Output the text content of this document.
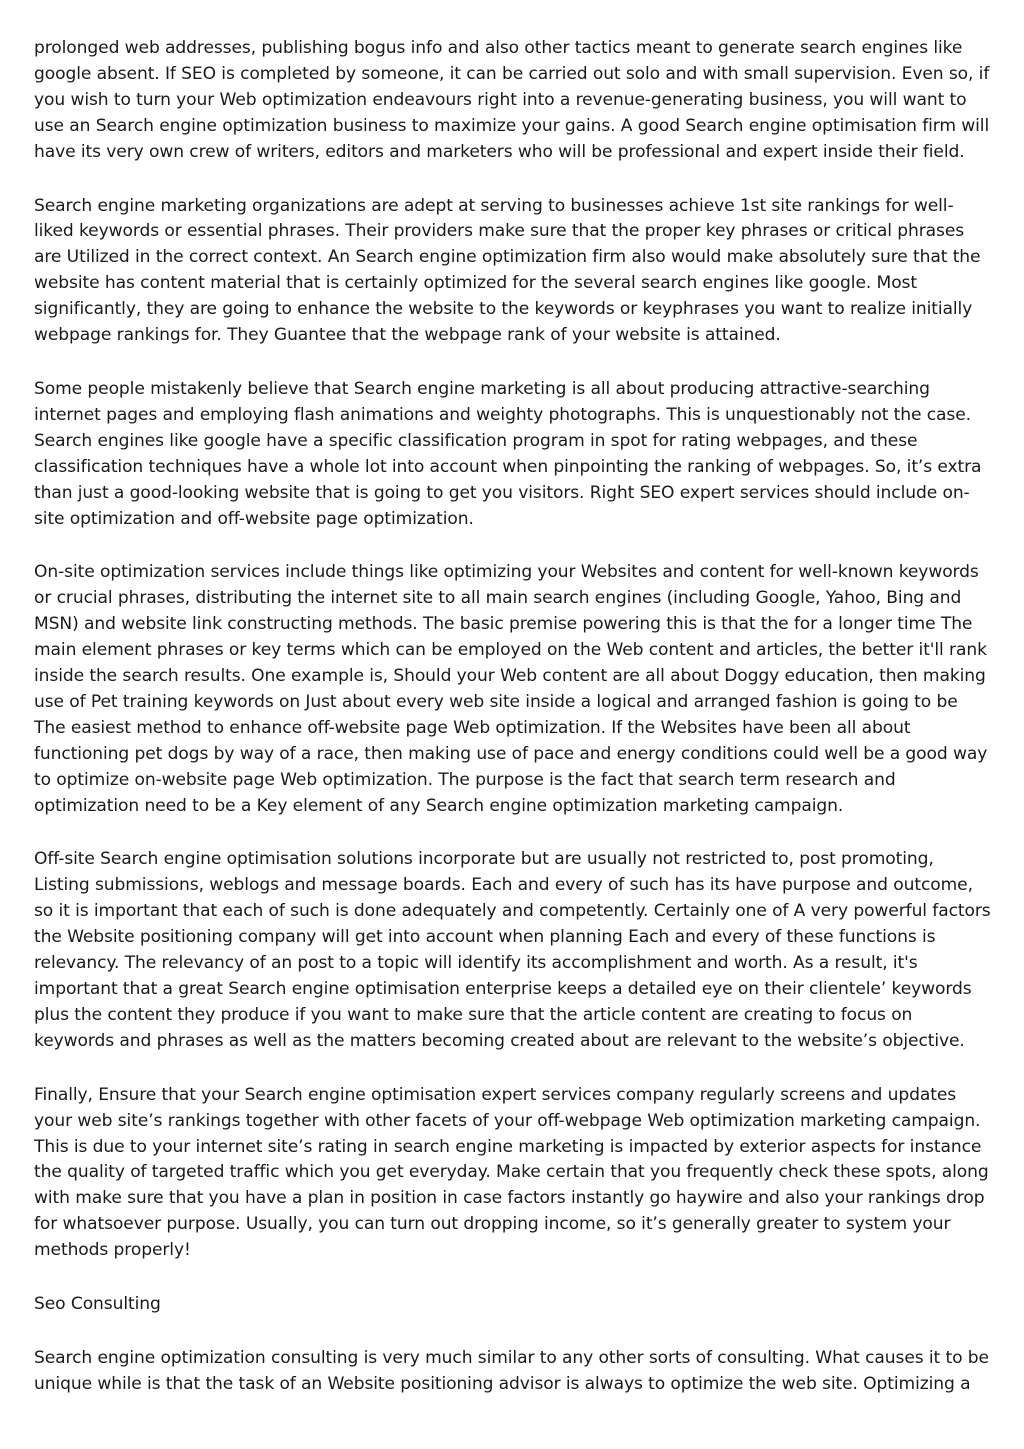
prolonged web addresses, publishing bogus info and also other tactics meant to generate search engines like google absent. If SEO is completed by someone, it can be carried out solo and with small supervision. Even so, if you wish to turn your Web optimization endeavours right into a revenue-generating business, you will want to use an Search engine optimization business to maximize your gains. A good Search engine optimisation firm will have its very own crew of writers, editors and marketers who will be professional and expert inside their field.

Search engine marketing organizations are adept at serving to businesses achieve 1st site rankings for well-liked keywords or essential phrases. Their providers make sure that the proper key phrases or critical phrases are Utilized in the correct context. An Search engine optimization firm also would make absolutely sure that the website has content material that is certainly optimized for the several search engines like google. Most significantly, they are going to enhance the website to the keywords or keyphrases you want to realize initially webpage rankings for. They Guantee that the webpage rank of your website is attained.

Some people mistakenly believe that Search engine marketing is all about producing attractive-searching internet pages and employing flash animations and weighty photographs. This is unquestionably not the case. Search engines like google have a specific classification program in spot for rating webpages, and these classification techniques have a whole lot into account when pinpointing the ranking of webpages. So, it’s extra than just a good-looking website that is going to get you visitors. Right SEO expert services should include on-site optimization and off-website page optimization.

On-site optimization services include things like optimizing your Websites and content for well-known keywords or crucial phrases, distributing the internet site to all main search engines (including Google, Yahoo, Bing and MSN) and website link constructing methods. The basic premise powering this is that the for a longer time The main element phrases or key terms which can be employed on the Web content and articles, the better it'll rank inside the search results. One example is, Should your Web content are all about Doggy education, then making use of Pet training keywords on Just about every web site inside a logical and arranged fashion is going to be The easiest method to enhance off-website page Web optimization. If the Websites have been all about functioning pet dogs by way of a race, then making use of pace and energy conditions could well be a good way to optimize on-website page Web optimization. The purpose is the fact that search term research and optimization need to be a Key element of any Search engine optimization marketing campaign.

Off-site Search engine optimisation solutions incorporate but are usually not restricted to, post promoting, Listing submissions, weblogs and message boards. Each and every of such has its have purpose and outcome, so it is important that each of such is done adequately and competently. Certainly one of A very powerful factors the Website positioning company will get into account when planning Each and every of these functions is relevancy. The relevancy of an post to a topic will identify its accomplishment and worth. As a result, it's important that a great Search engine optimisation enterprise keeps a detailed eye on their clientele’ keywords plus the content they produce if you want to make sure that the article content are creating to focus on keywords and phrases as well as the matters becoming created about are relevant to the website’s objective.

Finally, Ensure that your Search engine optimisation expert services company regularly screens and updates your web site’s rankings together with other facets of your off-webpage Web optimization marketing campaign. This is due to your internet site’s rating in search engine marketing is impacted by exterior aspects for instance the quality of targeted traffic which you get everyday. Make certain that you frequently check these spots, along with make sure that you have a plan in position in case factors instantly go haywire and also your rankings drop for whatsoever purpose. Usually, you can turn out dropping income, so it’s generally greater to system your methods properly!

Seo Consulting

Search engine optimization consulting is very much similar to any other sorts of consulting. What causes it to be unique while is that the task of an Website positioning advisor is always to optimize the web site. Optimizing a
